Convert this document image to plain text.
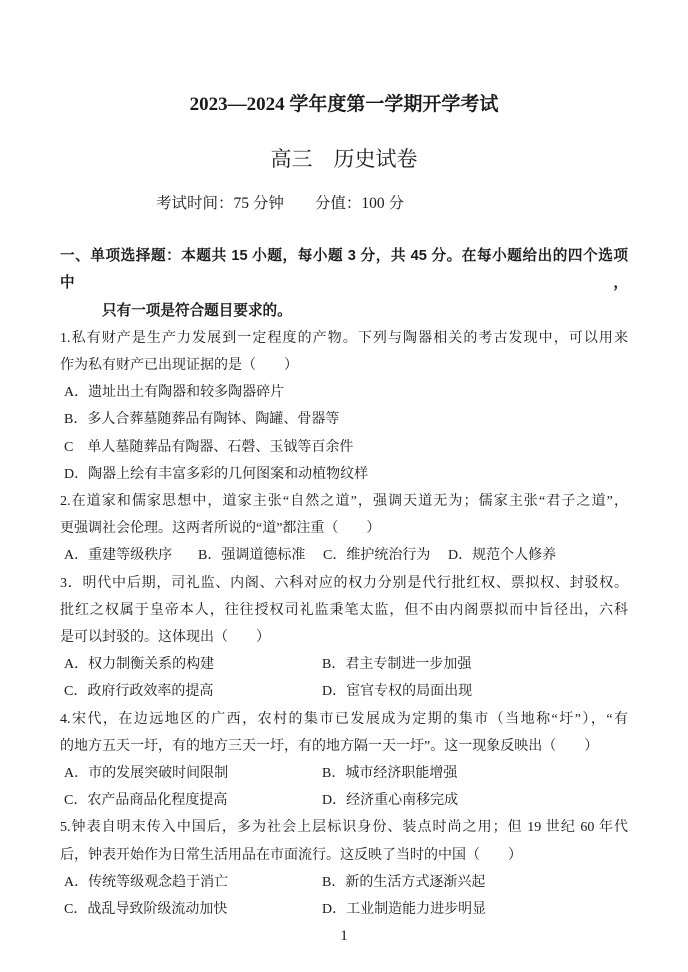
2023—2024 学年度第一学期开学考试
高三　历史试卷
考试时间：75 分钟　　分值：100 分
一、单项选择题：本题共 15 小题，每小题 3 分，共 45 分。在每小题给出的四个选项中，
只有一项是符合题目要求的。
1.私有财产是生产力发展到一定程度的产物。下列与陶器相关的考古发现中，可以用来
作为私有财产已出现证据的是（　　）
A．遗址出土有陶器和较多陶器碎片
B．多人合葬墓随葬品有陶钵、陶罐、骨器等
C　单人墓随葬品有陶器、石磬、玉钺等百余件
D．陶器上绘有丰富多彩的几何图案和动植物纹样
2.在道家和儒家思想中，道家主张“自然之道”，强调天道无为；儒家主张“君子之道”，
更强调社会伦理。这两者所说的“道”都注重（　　）
A．重建等级秩序	B．强调道德标准	C．维护统治行为	D．规范个人修养
3．明代中后期，司礼监、内阁、六科对应的权力分别是代行批红权、票拟权、封驳权。
批红之权属于皇帝本人，往往授权司礼监秉笔太监，但不由内阁票拟而中旨径出，六科
是可以封驳的。这体现出（　　）
A．权力制衡关系的构建	B．君主专制进一步加强
C．政府行政效率的提高	D．宦官专权的局面出现
4.宋代，在边远地区的广西，农村的集市已发展成为定期的集市（当地称“圩”），“有
的地方五天一圩，有的地方三天一圩，有的地方隔一天一圩”。这一现象反映出（　　）
A．市的发展突破时间限制	B．城市经济职能增强
C．农产品商品化程度提高	D．经济重心南移完成
5.钟表自明末传入中国后，多为社会上层标识身份、装点时尚之用；但 19 世纪 60 年代
后，钟表开始作为日常生活用品在市面流行。这反映了当时的中国（　　）
A．传统等级观念趋于消亡	B．新的生活方式逐渐兴起
C．战乱导致阶级流动加快	D．工业制造能力进步明显
1
